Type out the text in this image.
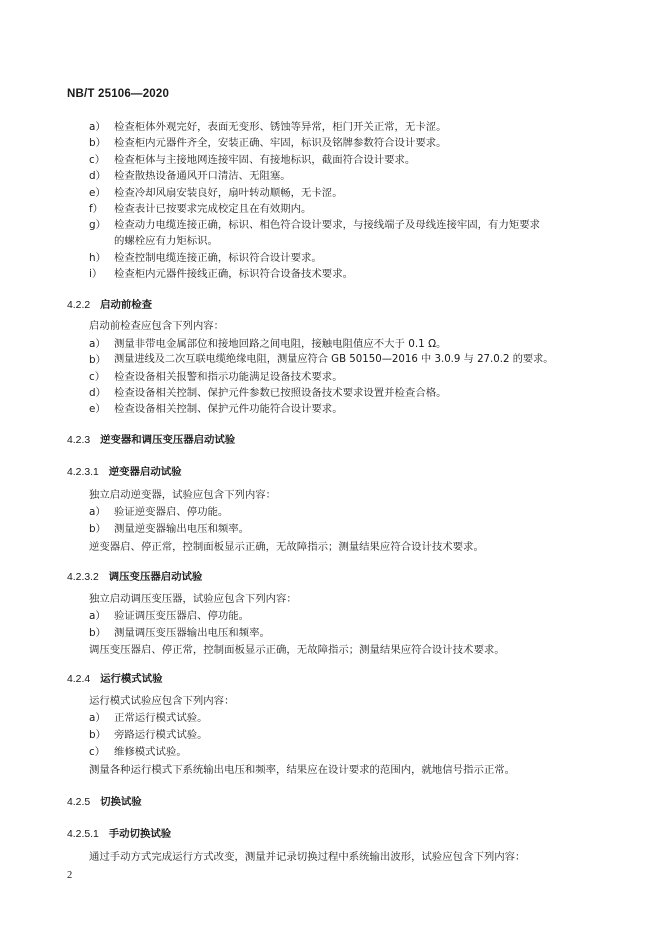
NB/T 25106—2020
a） 检查柜体外观完好，表面无变形、锈蚀等异常，柜门开关正常，无卡涩。
b） 检查柜内元器件齐全，安装正确、牢固，标识及铭牌参数符合设计要求。
c） 检查柜体与主接地网连接牢固、有接地标识，截面符合设计要求。
d） 检查散热设备通风开口清洁、无阻塞。
e） 检查冷却风扇安装良好，扇叶转动顺畅，无卡涩。
f） 检查表计已按要求完成校定且在有效期内。
g） 检查动力电缆连接正确，标识、相色符合设计要求，与接线端子及母线连接牢固，有力矩要求
的螺栓应有力矩标识。
h） 检查控制电缆连接正确，标识符合设计要求。
i） 检查柜内元器件接线正确，标识符合设备技术要求。
4.2.2 启动前检查
启动前检查应包含下列内容：
a） 测量非带电金属部位和接地回路之间电阻，接触电阻值应不大于 0.1 Ω。
b） 测量进线及二次互联电缆绝缘电阻，测量应符合 GB 50150—2016 中 3.0.9 与 27.0.2 的要求。
c） 检查设备相关报警和指示功能满足设备技术要求。
d） 检查设备相关控制、保护元件参数已按照设备技术要求设置并检查合格。
e） 检查设备相关控制、保护元件功能符合设计要求。
4.2.3 逆变器和调压变压器启动试验
4.2.3.1 逆变器启动试验
独立启动逆变器，试验应包含下列内容：
a） 验证逆变器启、停功能。
b） 测量逆变器输出电压和频率。
逆变器启、停正常，控制面板显示正确，无故障指示；测量结果应符合设计技术要求。
4.2.3.2 调压变压器启动试验
独立启动调压变压器，试验应包含下列内容：
a） 验证调压变压器启、停功能。
b） 测量调压变压器输出电压和频率。
调压变压器启、停正常，控制面板显示正确，无故障指示；测量结果应符合设计技术要求。
4.2.4 运行模式试验
运行模式试验应包含下列内容：
a） 正常运行模式试验。
b） 旁路运行模式试验。
c） 维修模式试验。
测量各种运行模式下系统输出电压和频率，结果应在设计要求的范围内，就地信号指示正常。
4.2.5 切换试验
4.2.5.1 手动切换试验
通过手动方式完成运行方式改变，测量并记录切换过程中系统输出波形，试验应包含下列内容：
2
